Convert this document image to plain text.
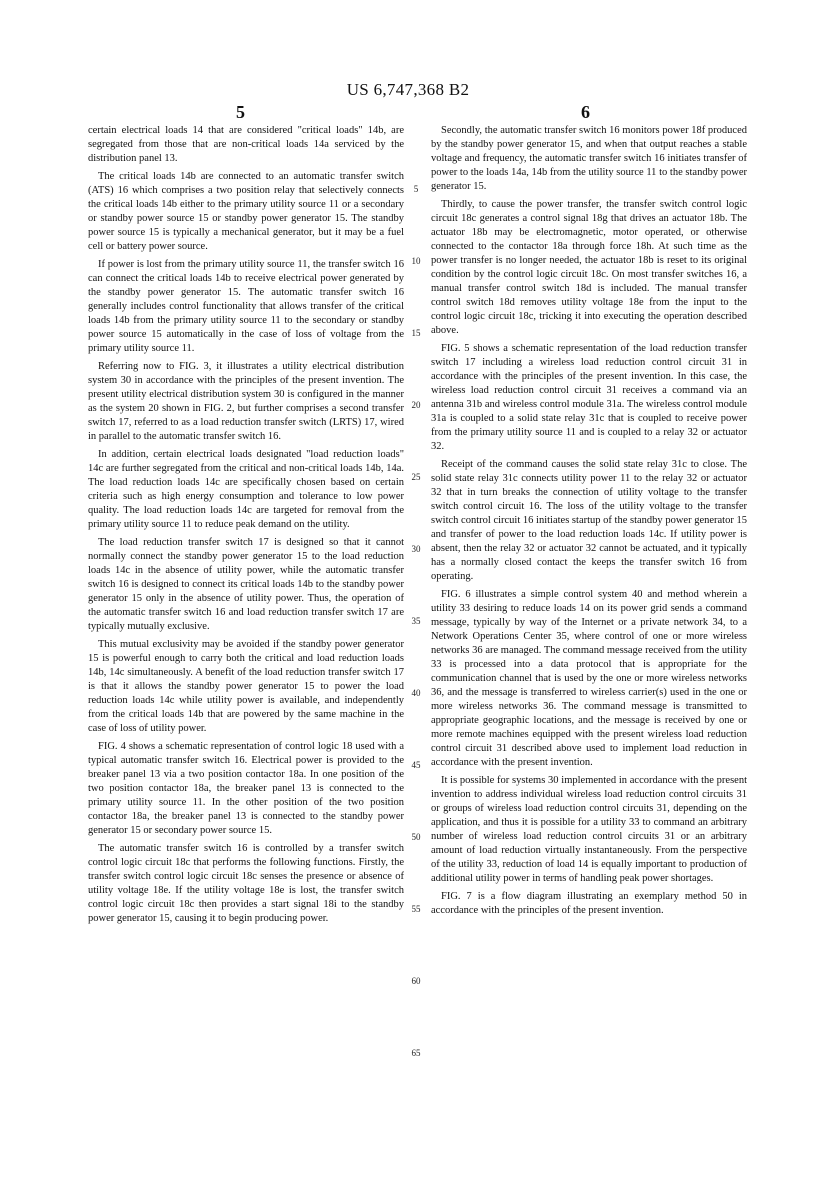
US 6,747,368 B2
5	6

certain electrical loads 14 that are considered "critical loads" 14b, are segregated from those that are non-critical loads 14a serviced by the distribution panel 13.

The critical loads 14b are connected to an automatic transfer switch (ATS) 16 which comprises a two position relay that selectively connects the critical loads 14b either to the primary utility source 11 or a secondary or standby power source 15 or standby power generator 15. The standby power source 15 is typically a mechanical generator, but it may be a fuel cell or battery power source.

If power is lost from the primary utility source 11, the transfer switch 16 can connect the critical loads 14b to receive electrical power generated by the standby power generator 15. The automatic transfer switch 16 generally includes control functionality that allows transfer of the critical loads 14b from the primary utility source 11 to the secondary or standby power source 15 automatically in the case of loss of voltage from the primary utility source 11.

Referring now to FIG. 3, it illustrates a utility electrical distribution system 30 in accordance with the principles of the present invention. The present utility electrical distribution system 30 is configured in the manner as the system 20 shown in FIG. 2, but further comprises a second transfer switch 17, referred to as a load reduction transfer switch (LRTS) 17, wired in parallel to the automatic transfer switch 16.

In addition, certain electrical loads designated "load reduction loads" 14c are further segregated from the critical and non-critical loads 14b, 14a. The load reduction loads 14c are specifically chosen based on certain criteria such as high energy consumption and tolerance to low power quality. The load reduction loads 14c are targeted for removal from the primary utility source 11 to reduce peak demand on the utility.

The load reduction transfer switch 17 is designed so that it cannot normally connect the standby power generator 15 to the load reduction loads 14c in the absence of utility power, while the automatic transfer switch 16 is designed to connect its critical loads 14b to the standby power generator 15 only in the absence of utility power. Thus, the operation of the automatic transfer switch 16 and load reduction transfer switch 17 are typically mutually exclusive.

This mutual exclusivity may be avoided if the standby power generator 15 is powerful enough to carry both the critical and load reduction loads 14b, 14c simultaneously. A benefit of the load reduction transfer switch 17 is that it allows the standby power generator 15 to power the load reduction loads 14c while utility power is available, and independently from the critical loads 14b that are powered by the same machine in the case of loss of utility power.

FIG. 4 shows a schematic representation of control logic 18 used with a typical automatic transfer switch 16. Electrical power is provided to the breaker panel 13 via a two position contactor 18a. In one position of the two position contactor 18a, the breaker panel 13 is connected to the primary utility source 11. In the other position of the two position contactor 18a, the breaker panel 13 is connected to the standby power generator 15 or secondary power source 15.

The automatic transfer switch 16 is controlled by a transfer switch control logic circuit 18c that performs the following functions. Firstly, the transfer switch control logic circuit 18c senses the presence or absence of utility voltage 18e. If the utility voltage 18e is lost, the transfer switch control logic circuit 18c then provides a start signal 18i to the standby power generator 15, causing it to begin producing power.

5
10
15
20
25
30
35
40
45
50
55
60
65

Secondly, the automatic transfer switch 16 monitors power 18f produced by the standby power generator 15, and when that output reaches a stable voltage and frequency, the automatic transfer switch 16 initiates transfer of power to the loads 14a, 14b from the utility source 11 to the standby power generator 15.

Thirdly, to cause the power transfer, the transfer switch control logic circuit 18c generates a control signal 18g that drives an actuator 18b. The actuator 18b may be electromagnetic, motor operated, or otherwise connected to the contactor 18a through force 18h. At such time as the power transfer is no longer needed, the actuator 18b is reset to its original condition by the control logic circuit 18c. On most transfer switches 16, a manual transfer control switch 18d is included. The manual transfer control switch 18d removes utility voltage 18e from the input to the control logic circuit 18c, tricking it into executing the operation described above.

FIG. 5 shows a schematic representation of the load reduction transfer switch 17 including a wireless load reduction control circuit 31 in accordance with the principles of the present invention. In this case, the wireless load reduction control circuit 31 receives a command via an antenna 31b and wireless control module 31a. The wireless control module 31a is coupled to a solid state relay 31c that is coupled to receive power from the primary utility source 11 and is coupled to a relay 32 or actuator 32.

Receipt of the command causes the solid state relay 31c to close. The solid state relay 31c connects utility power 11 to the relay 32 or actuator 32 that in turn breaks the connection of utility voltage to the transfer switch control circuit 16. The loss of the utility voltage to the transfer switch control circuit 16 initiates startup of the standby power generator 15 and transfer of power to the load reduction loads 14c. If utility power is absent, then the relay 32 or actuator 32 cannot be actuated, and it typically has a normally closed contact the keeps the transfer switch 16 from operating.

FIG. 6 illustrates a simple control system 40 and method wherein a utility 33 desiring to reduce loads 14 on its power grid sends a command message, typically by way of the Internet or a private network 34, to a Network Operations Center 35, where control of one or more wireless networks 36 are managed. The command message received from the utility 33 is processed into a data protocol that is appropriate for the communication channel that is used by the one or more wireless networks 36, and the message is transferred to wireless carrier(s) used in the one or more wireless networks 36. The command message is transmitted to appropriate geographic locations, and the message is received by one or more remote machines equipped with the present wireless load reduction control circuit 31 described above used to implement load reduction in accordance with the present invention.

It is possible for systems 30 implemented in accordance with the present invention to address individual wireless load reduction control circuits 31 or groups of wireless load reduction control circuits 31, depending on the application, and thus it is possible for a utility 33 to command an arbitrary number of wireless load reduction control circuits 31 or an arbitrary amount of load reduction virtually instantaneously. From the perspective of the utility 33, reduction of load 14 is equally important to production of additional utility power in terms of handling peak power shortages.

FIG. 7 is a flow diagram illustrating an exemplary method 50 in accordance with the principles of the present invention.
